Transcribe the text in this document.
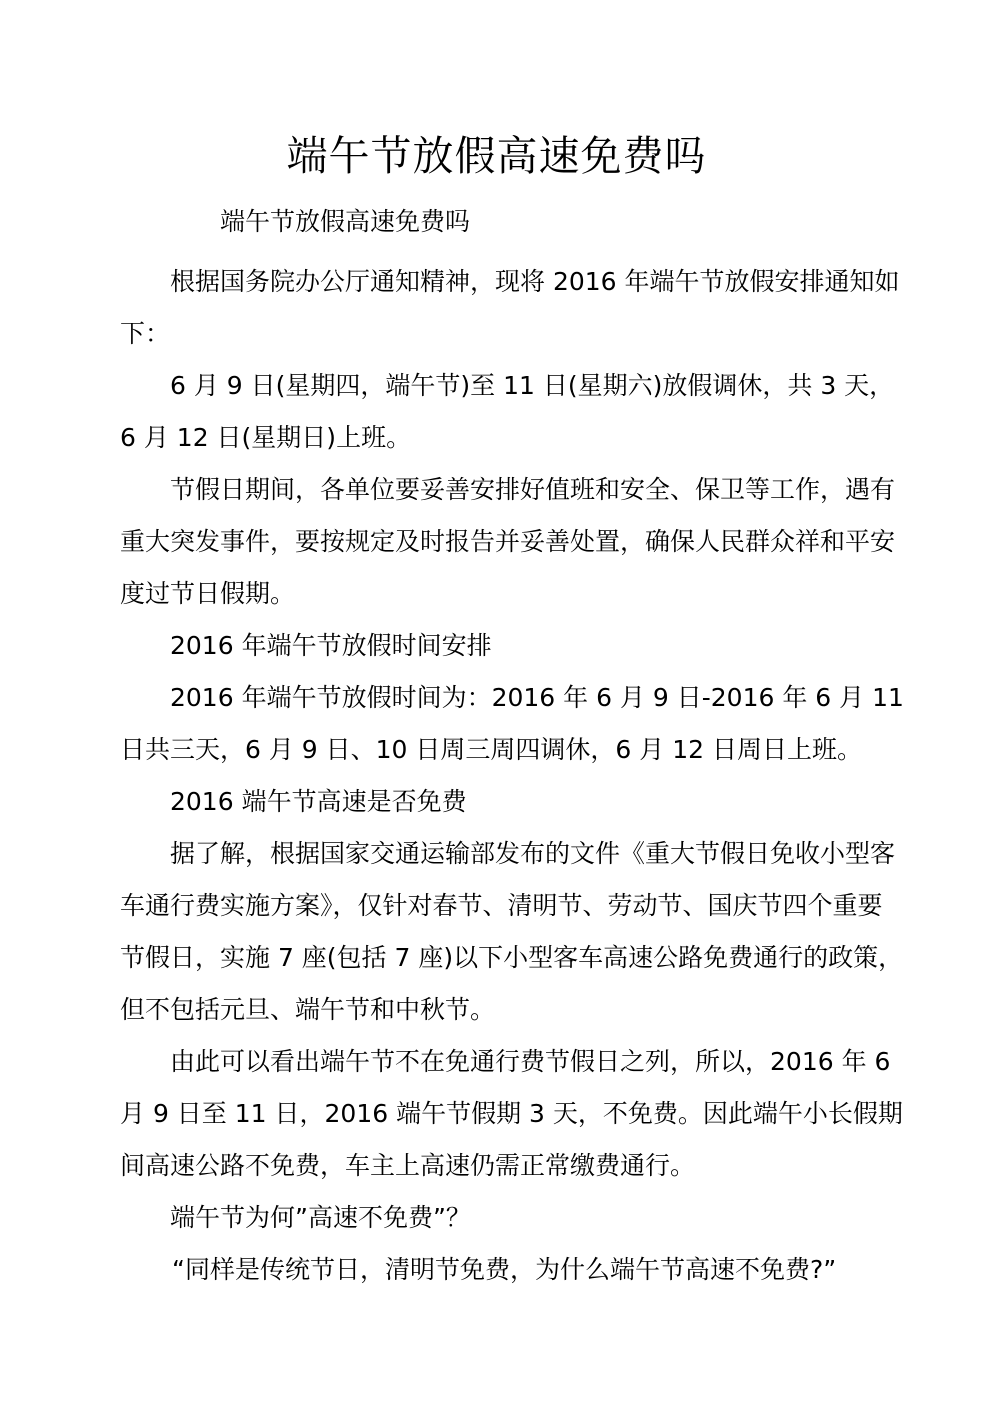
端午节放假高速免费吗
端午节放假高速免费吗

根据国务院办公厅通知精神，现将 2016 年端午节放假安排通知如下：

6 月 9 日(星期四，端午节)至 11 日(星期六)放假调休，共 3 天，6 月 12 日(星期日)上班。

节假日期间，各单位要妥善安排好值班和安全、保卫等工作，遇有重大突发事件，要按规定及时报告并妥善处置，确保人民群众祥和平安度过节日假期。

2016 年端午节放假时间安排

2016 年端午节放假时间为：2016 年 6 月 9 日-2016 年 6 月 11 日共三天，6 月 9 日、10 日周三周四调休，6 月 12 日周日上班。

2016 端午节高速是否免费

据了解，根据国家交通运输部发布的文件《重大节假日免收小型客车通行费实施方案》，仅针对春节、清明节、劳动节、国庆节四个重要节假日，实施 7 座(包括 7 座)以下小型客车高速公路免费通行的政策，但不包括元旦、端午节和中秋节。

由此可以看出端午节不在免通行费节假日之列，所以，2016 年 6 月 9 日至 11 日，2016 端午节假期 3 天，不免费。因此端午小长假期间高速公路不免费，车主上高速仍需正常缴费通行。

端午节为何”高速不免费”？

“同样是传统节日，清明节免费，为什么端午节高速不免费?”
